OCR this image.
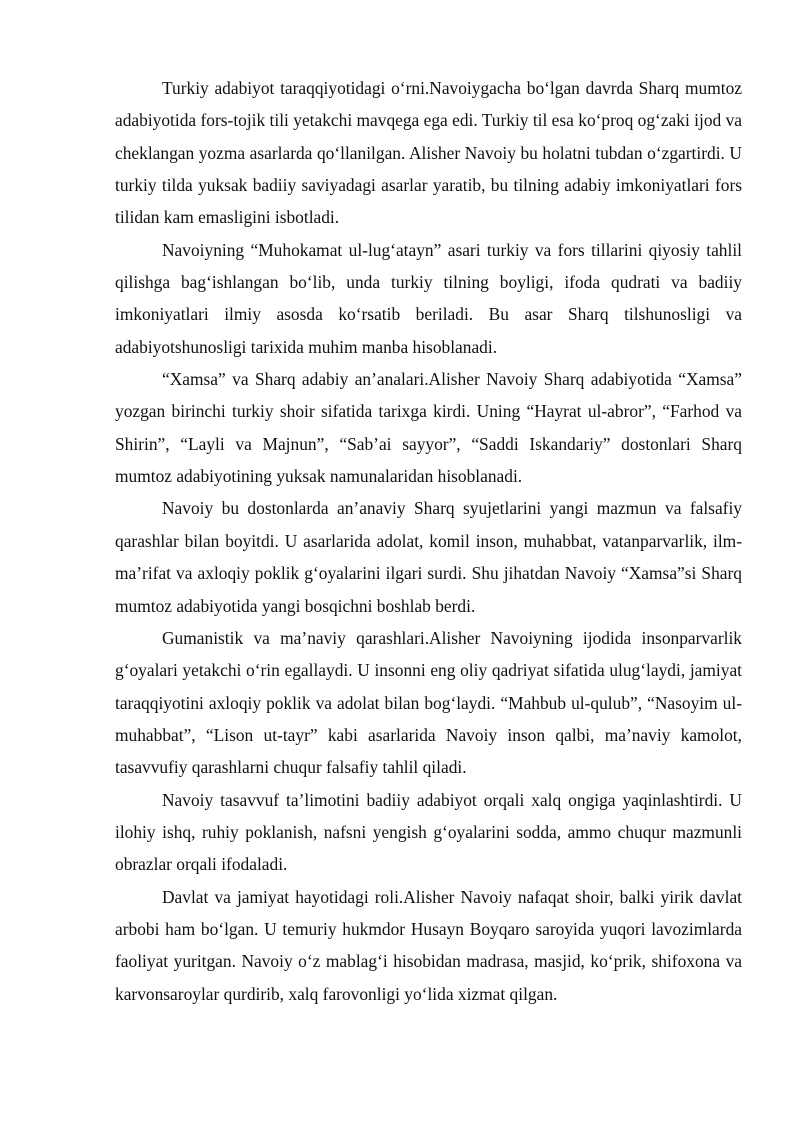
Turkiy adabiyot taraqqiyotidagi o‘rni.Navoiygacha bo‘lgan davrda Sharq mumtoz adabiyotida fors-tojik tili yetakchi mavqega ega edi. Turkiy til esa ko‘proq og‘zaki ijod va cheklangan yozma asarlarda qo‘llanilgan. Alisher Navoiy bu holatni tubdan o‘zgartirdi. U turkiy tilda yuksak badiiy saviyadagi asarlar yaratib, bu tilning adabiy imkoniyatlari fors tilidan kam emasligini isbotladi.

Navoiyning “Muhokamat ul-lug‘atayn” asari turkiy va fors tillarini qiyosiy tahlil qilishga bag‘ishlangan bo‘lib, unda turkiy tilning boyligi, ifoda qudrati va badiiy imkoniyatlari ilmiy asosda ko‘rsatib beriladi. Bu asar Sharq tilshunosligi va adabiyotshunosligi tarixida muhim manba hisoblanadi.

“Xamsa” va Sharq adabiy an’analari.Alisher Navoiy Sharq adabiyotida “Xamsa” yozgan birinchi turkiy shoir sifatida tarixga kirdi. Uning “Hayrat ul-abror”, “Farhod va Shirin”, “Layli va Majnun”, “Sab’ai sayyor”, “Saddi Iskandariy” dostonlari Sharq mumtoz adabiyotining yuksak namunalaridan hisoblanadi.

Navoiy bu dostonlarda an’anaviy Sharq syujetlarini yangi mazmun va falsafiy qarashlar bilan boyitdi. U asarlarida adolat, komil inson, muhabbat, vatanparvarlik, ilm-ma’rifat va axloqiy poklik g‘oyalarini ilgari surdi. Shu jihatdan Navoiy “Xamsa”si Sharq mumtoz adabiyotida yangi bosqichni boshlab berdi.

Gumanistik va ma’naviy qarashlari.Alisher Navoiyning ijodida insonparvarlik g‘oyalari yetakchi o‘rin egallaydi. U insonni eng oliy qadriyat sifatida ulug‘laydi, jamiyat taraqqiyotini axloqiy poklik va adolat bilan bog‘laydi. “Mahbub ul-qulub”, “Nasoyim ul-muhabbat”, “Lison ut-tayr” kabi asarlarida Navoiy inson qalbi, ma’naviy kamolot, tasavvufiy qarashlarni chuqur falsafiy tahlil qiladi.

Navoiy tasavvuf ta’limotini badiiy adabiyot orqali xalq ongiga yaqinlashtirdi. U ilohiy ishq, ruhiy poklanish, nafsni yengish g‘oyalarini sodda, ammo chuqur mazmunli obrazlar orqali ifodaladi.

Davlat va jamiyat hayotidagi roli.Alisher Navoiy nafaqat shoir, balki yirik davlat arbobi ham bo‘lgan. U temuriy hukmdor Husayn Boyqaro saroyida yuqori lavozimlarda faoliyat yuritgan. Navoiy o‘z mablag‘i hisobidan madrasa, masjid, ko‘prik, shifoxona va karvonsaroylar qurdirib, xalq farovonligi yo‘lida xizmat qilgan.
